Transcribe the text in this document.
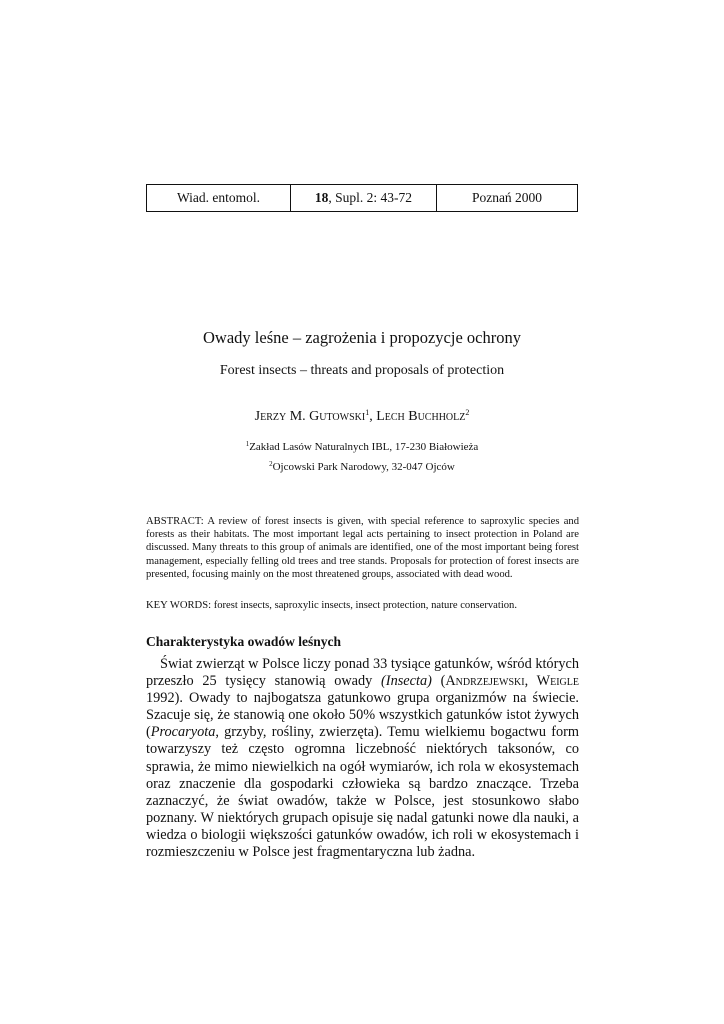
Wiad. entomol.	18 , Supl. 2: 43-72	Poznań 2000
Owady leśne – zagrożenia i propozycje ochrony
Forest insects – threats and proposals of protection
Jerzy M. Gutowski$^1$, Lech Buchholz$^2$
$^1$Zakład Lasów Naturalnych IBL, 17-230 Białowieża
$^2$Ojcowski Park Narodowy, 32-047 Ojców

ABSTRACT: A review of forest insects is given, with special reference to saproxylic species and forests as their habitats. The most important legal acts pertaining to insect protection in Poland are discussed. Many threats to this group of animals are identified, one of the most important being forest management, especially felling old trees and tree stands. Proposals for protection of forest insects are presented, focusing mainly on the most threatened groups, associated with dead wood.

KEY WORDS: forest insects, saproxylic insects, insect protection, nature conservation.

Charakterystyka owadów leśnych

Świat zwierząt w Polsce liczy ponad 33 tysiące gatunków, wśród których przeszło 25 tysięcy stanowią owady (Insecta) (Andrzejewski, Weigle 1992). Owady to najbogatsza gatunkowo grupa organizmów na świecie. Szacuje się, że stanowią one około 50% wszystkich gatunków istot żywych (Procaryota, grzyby, rośliny, zwierzęta). Temu wielkiemu bogactwu form towarzyszy też często ogromna liczebność niektórych taksonów, co sprawia, że mimo niewielkich na ogół wymiarów, ich rola w ekosystemach oraz znaczenie dla gospodarki człowieka są bardzo znaczące. Trzeba zaznaczyć, że świat owadów, także w Polsce, jest stosunkowo słabo poznany. W niektórych grupach opisuje się nadal gatunki nowe dla nauki, a wiedza o biologii większości gatunków owadów, ich roli w ekosystemach i rozmieszczeniu w Polsce jest fragmentaryczna lub żadna.
